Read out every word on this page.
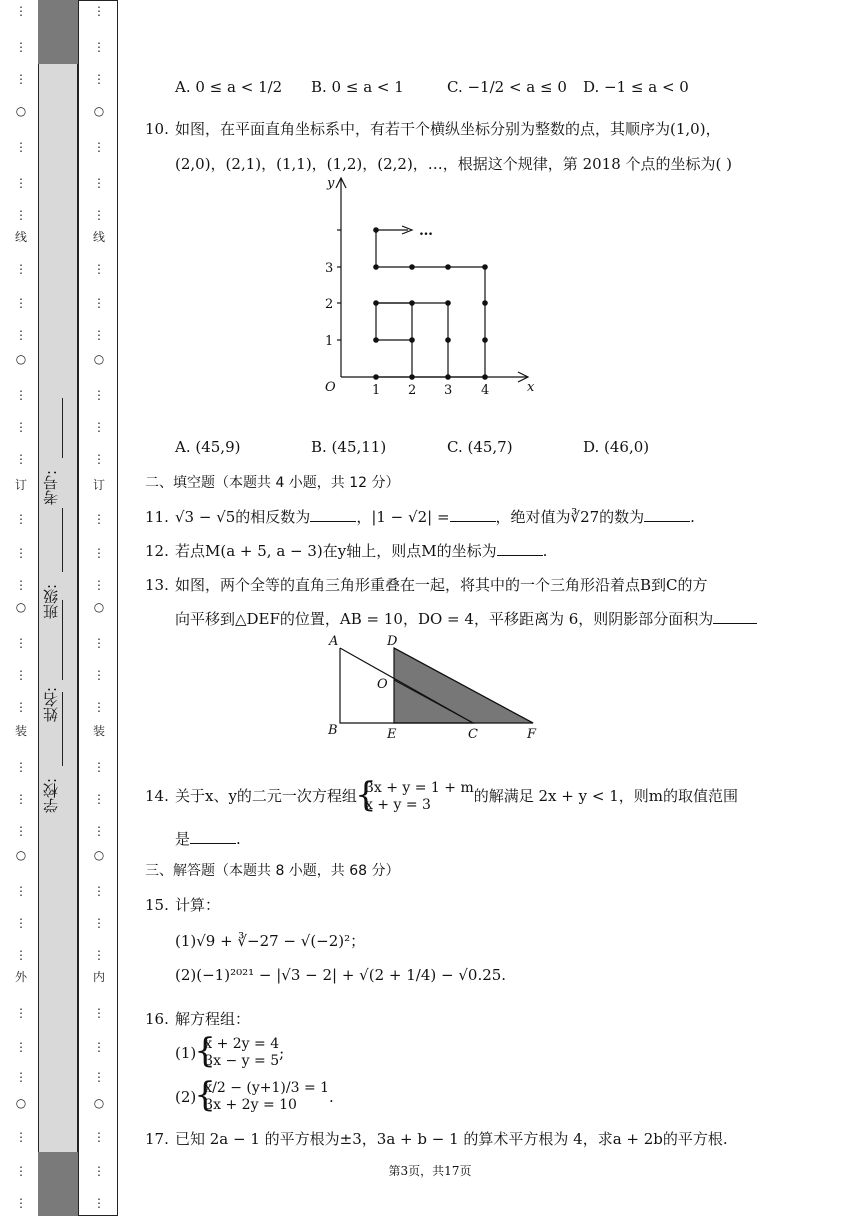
⋮
⋮
⋮
○
⋮
⋮
⋮
线
⋮
⋮
⋮
○
⋮
⋮
⋮
订
⋮
⋮
⋮
○
⋮
⋮
⋮
装
⋮
⋮
⋮
○
⋮
⋮
⋮
外
⋮
⋮
⋮
○
⋮
⋮
⋮
学校:
姓名:
班级:
考号:
⋮
⋮
⋮
○
⋮
⋮
⋮
线
⋮
⋮
⋮
○
⋮
⋮
⋮
订
⋮
⋮
⋮
○
⋮
⋮
⋮
装
⋮
⋮
⋮
○
⋮
⋮
⋮
内
⋮
⋮
⋮
○
⋮
⋮
⋮
A. 0 ≤ a < 1/2 B. 0 ≤ a < 1	C. −1/2 < a ≤ 0 D. −1 ≤ a < 0
10. 如图，在平面直角坐标系中，有若干个横纵坐标分别为整数的点，其顺序为(1,0)，
(2,0)，(2,1)，(1,1)，(1,2)，(2,2)，…，根据这个规律，第 2018 个点的坐标为( )
y
x
O	1 2 3 4
1
2
3
…
A. (45,9)	B. (45,11)	C. (45,7)	D. (46,0)
二、填空题（本题共 4 小题，共 12 分）
11. √3 − √5的相反数为	，|1 − √2| =	，绝对值为∛27的数为	.
12. 若点M(a + 5, a − 3)在y轴上，则点M的坐标为	.
13. 如图，两个全等的直角三角形重叠在一起，将其中的一个三角形沿着点B到C的方
向平移到△DEF的位置，AB = 10，DO = 4，平移距离为 6，则阴影部分面积为
A	D
O
B	E	C	F
14. 关于x、y的二元一次方程组 { 3x + y = 1 + m
x + y = 3	的解满足 2x + y < 1，则m的取值范围
是	.
三、解答题（本题共 8 小题，共 68 分）
15. 计算：
(1)√9 + ∛−27 − √(−2)²；
(2)(−1)²⁰²¹ − |√3 − 2| + √(2 + 1/4) − √0.25.
16. 解方程组：
(1) { x + 2y = 4
3x − y = 5 ;
(2) { x/2 − (y+1)/3 = 1
3x + 2y = 10	.
17. 已知 2a − 1 的平方根为±3，3a + b − 1 的算术平方根为 4，求a + 2b的平方根.
第3页，共17页
